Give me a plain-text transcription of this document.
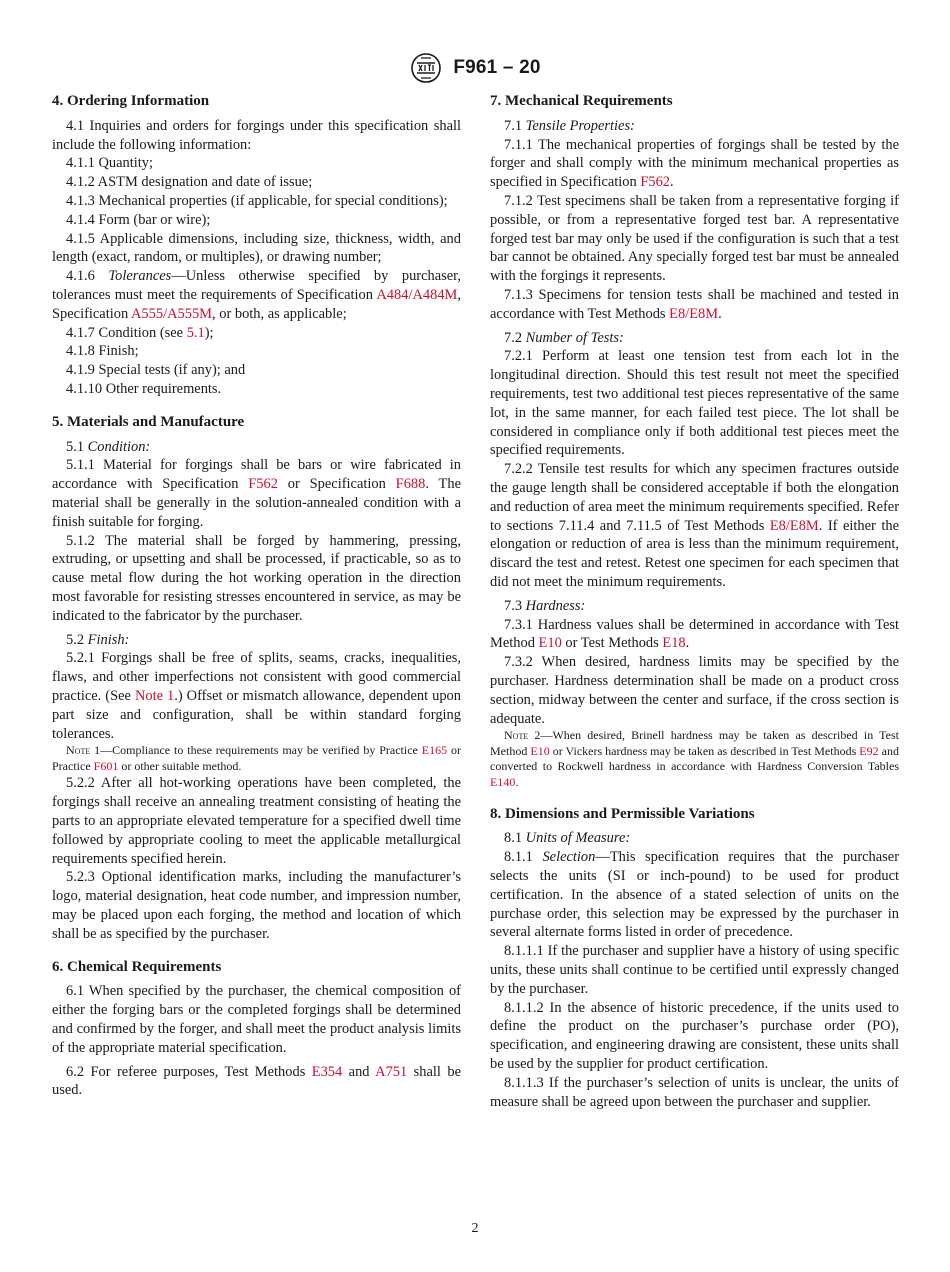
F961 – 20

4. Ordering Information

4.1 Inquiries and orders for forgings under this specification shall include the following information:

4.1.1 Quantity;

4.1.2 ASTM designation and date of issue;

4.1.3 Mechanical properties (if applicable, for special conditions);

4.1.4 Form (bar or wire);

4.1.5 Applicable dimensions, including size, thickness, width, and length (exact, random, or multiples), or drawing number;

4.1.6 Tolerances—Unless otherwise specified by purchaser, tolerances must meet the requirements of Specification A484/A484M, Specification A555/A555M, or both, as applicable;

4.1.7 Condition (see 5.1);

4.1.8 Finish;

4.1.9 Special tests (if any); and

4.1.10 Other requirements.

5. Materials and Manufacture

5.1 Condition:

5.1.1 Material for forgings shall be bars or wire fabricated in accordance with Specification F562 or Specification F688. The material shall be generally in the solution-annealed condition with a finish suitable for forging.

5.1.2 The material shall be forged by hammering, pressing, extruding, or upsetting and shall be processed, if practicable, so as to cause metal flow during the hot working operation in the direction most favorable for resisting stresses encountered in service, as may be indicated to the fabricator by the purchaser.

5.2 Finish:

5.2.1 Forgings shall be free of splits, seams, cracks, inequalities, flaws, and other imperfections not consistent with good commercial practice. (See Note 1.) Offset or mismatch allowance, dependent upon part size and configuration, shall be within standard forging tolerances.

Note 1—Compliance to these requirements may be verified by Practice E165 or Practice F601 or other suitable method.

5.2.2 After all hot-working operations have been completed, the forgings shall receive an annealing treatment consisting of heating the parts to an appropriate elevated temperature for a specified dwell time followed by appropriate cooling to meet the applicable metallurgical requirements specified herein.

5.2.3 Optional identification marks, including the manufacturer’s logo, material designation, heat code number, and impression number, may be placed upon each forging, the method and location of which shall be as specified by the purchaser.

6. Chemical Requirements

6.1 When specified by the purchaser, the chemical composition of either the forging bars or the completed forgings shall be determined and confirmed by the forger, and shall meet the product analysis limits of the appropriate material specification.

6.2 For referee purposes, Test Methods E354 and A751 shall be used.

7. Mechanical Requirements

7.1 Tensile Properties:

7.1.1 The mechanical properties of forgings shall be tested by the forger and shall comply with the minimum mechanical properties as specified in Specification F562.

7.1.2 Test specimens shall be taken from a representative forging if possible, or from a representative forged test bar. A representative forged test bar may only be used if the configuration is such that a test bar cannot be obtained. Any specially forged test bar must be annealed with the forgings it represents.

7.1.3 Specimens for tension tests shall be machined and tested in accordance with Test Methods E8/E8M.

7.2 Number of Tests:

7.2.1 Perform at least one tension test from each lot in the longitudinal direction. Should this test result not meet the specified requirements, test two additional test pieces representative of the same lot, in the same manner, for each failed test piece. The lot shall be considered in compliance only if both additional test pieces meet the specified requirements.

7.2.2 Tensile test results for which any specimen fractures outside the gauge length shall be considered acceptable if both the elongation and reduction of area meet the minimum requirements specified. Refer to sections 7.11.4 and 7.11.5 of Test Methods E8/E8M. If either the elongation or reduction of area is less than the minimum requirement, discard the test and retest. Retest one specimen for each specimen that did not meet the minimum requirements.

7.3 Hardness:

7.3.1 Hardness values shall be determined in accordance with Test Method E10 or Test Methods E18.

7.3.2 When desired, hardness limits may be specified by the purchaser. Hardness determination shall be made on a product cross section, midway between the center and surface, if the cross section is adequate.

Note 2—When desired, Brinell hardness may be taken as described in Test Method E10 or Vickers hardness may be taken as described in Test Methods E92 and converted to Rockwell hardness in accordance with Hardness Conversion Tables E140.

8. Dimensions and Permissible Variations

8.1 Units of Measure:

8.1.1 Selection—This specification requires that the purchaser selects the units (SI or inch-pound) to be used for product certification. In the absence of a stated selection of units on the purchase order, this selection may be expressed by the purchaser in several alternate forms listed in order of precedence.

8.1.1.1 If the purchaser and supplier have a history of using specific units, these units shall continue to be certified until expressly changed by the purchaser.

8.1.1.2 In the absence of historic precedence, if the units used to define the product on the purchaser’s purchase order (PO), specification, and engineering drawing are consistent, these units shall be used by the supplier for product certification.

8.1.1.3 If the purchaser’s selection of units is unclear, the units of measure shall be agreed upon between the purchaser and supplier.

2
